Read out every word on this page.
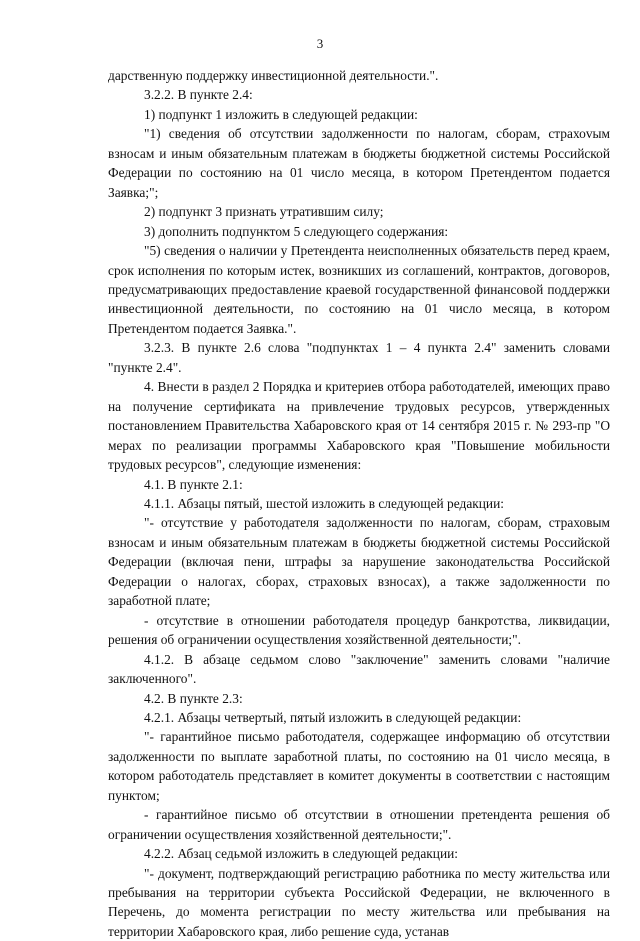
3

дарственную поддержку инвестиционной деятельности.".

3.2.2. В пункте 2.4:

1) подпункт 1 изложить в следующей редакции:

"1) сведения об отсутствии задолженности по налогам, сборам, страхоvым взносам и иным обязательным платежам в бюджеты бюджетной системы Российской Федерации по состоянию на 01 число месяца, в котором Претендентом подается Заявка;";

2) подпункт 3 признать утратившим силу;

3) дополнить подпунктом 5 следующего содержания:

"5) сведения о наличии у Претендента неисполненных обязательств перед краем, срок исполнения по которым истек, возникших из соглашений, контрактов, договоров, предусматривающих предоставление краевой государственной финансовой поддержки инвестиционной деятельности, по состоянию на 01 число месяца, в котором Претендентом подается Заявка.".

3.2.3. В пункте 2.6 слова "подпунктах 1 – 4 пункта 2.4" заменить словами "пункте 2.4".

4. Внести в раздел 2 Порядка и критериев отбора работодателей, имеющих право на получение сертификата на привлечение трудовых ресурсов, утвержденных постановлением Правительства Хабаровского края от 14 сентября 2015 г. № 293-пр "О мерах по реализации программы Хабаровского края "Повышение мобильности трудовых ресурсов", следующие изменения:

4.1. В пункте 2.1:

4.1.1. Абзацы пятый, шестой изложить в следующей редакции:

"- отсутствие у работодателя задолженности по налогам, сборам, страховым взносам и иным обязательным платежам в бюджеты бюджетной системы Российской Федерации (включая пени, штрафы за нарушение законодательства Российской Федерации о налогах, сборах, страховых взносах), а также задолженности по заработной плате;

- отсутствие в отношении работодателя процедур банкротства, ликвидации, решения об ограничении осуществления хозяйственной деятельности;".

4.1.2. В абзаце седьмом слово "заключение" заменить словами "наличие заключенного".

4.2. В пункте 2.3:

4.2.1. Абзацы четвертый, пятый изложить в следующей редакции:

"- гарантийное письмо работодателя, содержащее информацию об отсутствии задолженности по выплате заработной платы, по состоянию на 01 число месяца, в котором работодатель представляет в комитет документы в соответствии с настоящим пунктом;

- гарантийное письмо об отсутствии в отношении претендента решения об ограничении осуществления хозяйственной деятельности;".

4.2.2. Абзац седьмой изложить в следующей редакции:

"- документ, подтверждающий регистрацию работника по месту жительства или пребывания на территории субъекта Российской Федерации, не включенного в Перечень, до момента регистрации по месту жительства или пребывания на территории Хабаровского края, либо решение суда, устанав
